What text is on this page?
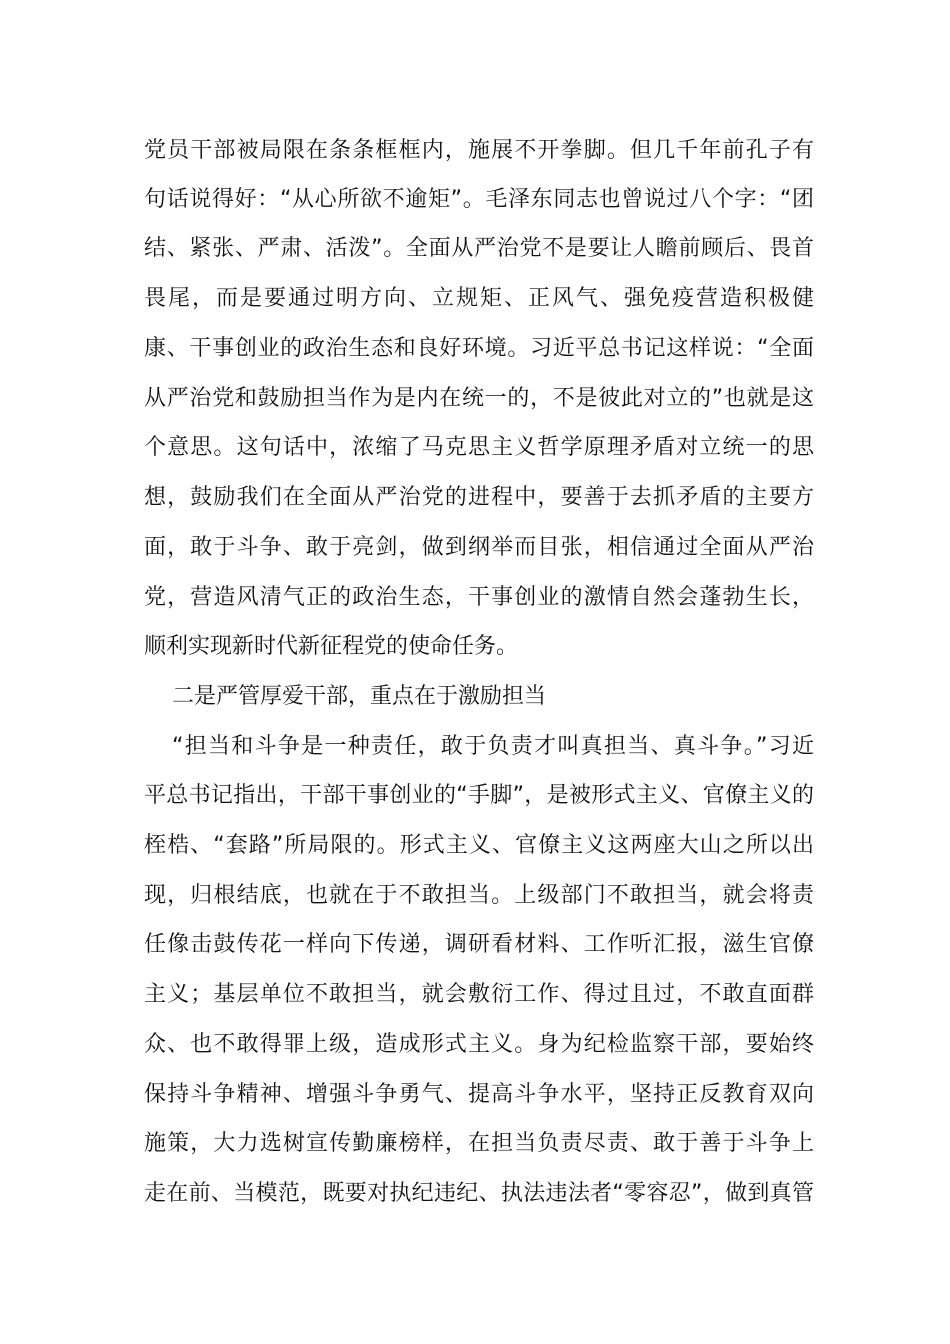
党员干部被局限在条条框框内，施展不开拳脚。但几千年前孔子有
句话说得好：“从心所欲不逾矩”。毛泽东同志也曾说过八个字：“团
结、紧张、严肃、活泼”。全面从严治党不是要让人瞻前顾后、畏首
畏尾，而是要通过明方向、立规矩、正风气、强免疫营造积极健
康、干事创业的政治生态和良好环境。习近平总书记这样说：“全面
从严治党和鼓励担当作为是内在统一的，不是彼此对立的”也就是这
个意思。这句话中，浓缩了马克思主义哲学原理矛盾对立统一的思
想，鼓励我们在全面从严治党的进程中，要善于去抓矛盾的主要方
面，敢于斗争、敢于亮剑，做到纲举而目张，相信通过全面从严治
党，营造风清气正的政治生态，干事创业的激情自然会蓬勃生长，
顺利实现新时代新征程党的使命任务。
二是严管厚爱干部，重点在于激励担当
“担当和斗争是一种责任，敢于负责才叫真担当、真斗争。”习近
平总书记指出，干部干事创业的“手脚”，是被形式主义、官僚主义的
桎梏、“套路”所局限的。形式主义、官僚主义这两座大山之所以出
现，归根结底，也就在于不敢担当。上级部门不敢担当，就会将责
任像击鼓传花一样向下传递，调研看材料、工作听汇报，滋生官僚
主义；基层单位不敢担当，就会敷衍工作、得过且过，不敢直面群
众、也不敢得罪上级，造成形式主义。身为纪检监察干部，要始终
保持斗争精神、增强斗争勇气、提高斗争水平，坚持正反教育双向
施策，大力选树宣传勤廉榜样，在担当负责尽责、敢于善于斗争上
走在前、当模范，既要对执纪违纪、执法违法者“零容忍”，做到真管
